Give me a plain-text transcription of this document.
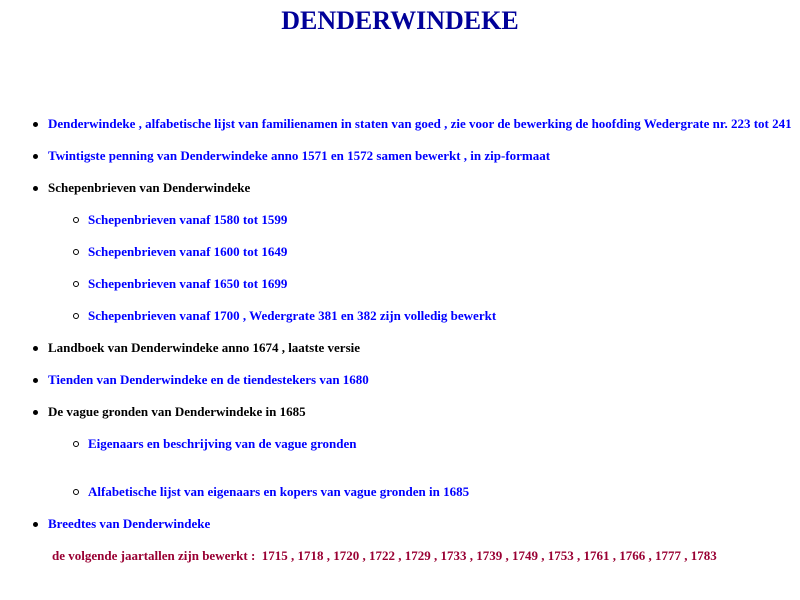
DENDERWINDEKE
Denderwindeke , alfabetische lijst van familienamen in staten van goed , zie voor de bewerking de hoofding Wedergrate nr. 223 tot 241
Twintigste penning van Denderwindeke anno 1571 en 1572 samen bewerkt , in zip-formaat
Schepenbrieven van Denderwindeke
Schepenbrieven vanaf 1580 tot 1599
Schepenbrieven vanaf 1600 tot 1649
Schepenbrieven vanaf 1650 tot 1699
Schepenbrieven vanaf 1700 , Wedergrate 381 en 382 zijn volledig bewerkt
Landboek van Denderwindeke anno 1674 , laatste versie
Tienden van Denderwindeke en de tiendestekers van 1680
De vague gronden van Denderwindeke in 1685
Eigenaars en beschrijving van de vague gronden
Alfabetische lijst van eigenaars en kopers van vague gronden in 1685
Breedtes van Denderwindeke
de volgende jaartallen zijn bewerkt :  1715 , 1718 , 1720 , 1722 , 1729 , 1733 , 1739 , 1749 , 1753 , 1761 , 1766 , 1777 , 1783
